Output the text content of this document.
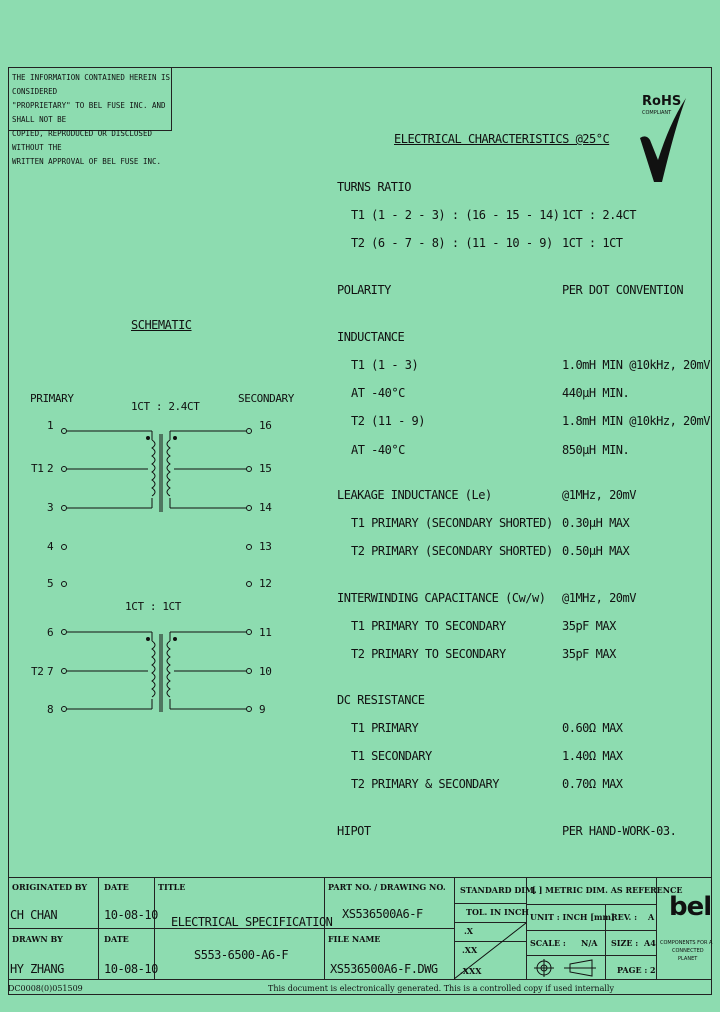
THE INFORMATION CONTAINED HEREIN IS CONSIDERED
"PROPRIETARY" TO BEL FUSE INC. AND SHALL NOT BE
COPIED, REPRODUCED OR DISCLOSED WITHOUT THE
WRITTEN APPROVAL OF BEL FUSE INC.
RoHS
COMPLIANT
ELECTRICAL CHARACTERISTICS @25°C
TURNS RATIO
T1 (1 - 2 - 3) : (16 - 15 - 14) 1CT : 2.4CT
T2 (6 - 7 - 8) : (11 - 10 - 9) 1CT : 1CT
POLARITY	PER DOT CONVENTION
INDUCTANCE
T1 (1 - 3)	1.0mH MIN @10kHz, 20mV
AT -40°C	440µH MIN.
T2 (11 - 9)	1.8mH MIN @10kHz, 20mV
AT -40°C	850µH MIN.
LEAKAGE INDUCTANCE (Le)	@1MHz, 20mV
T1 PRIMARY (SECONDARY SHORTED) 0.30µH MAX
T2 PRIMARY (SECONDARY SHORTED) 0.50µH MAX
INTERWINDING CAPACITANCE (Cw/w) @1MHz, 20mV
T1 PRIMARY TO SECONDARY	35pF MAX
T2 PRIMARY TO SECONDARY	35pF MAX
DC RESISTANCE
T1 PRIMARY	0.60Ω MAX
T1 SECONDARY	1.40Ω MAX
T2 PRIMARY & SECONDARY	0.70Ω MAX
HIPOT	PER HAND-WORK-03.
SCHEMATIC
PRIMARY	SECONDARY
1CT : 2.4CT
1CT : 1CT
T1
T2
1
2
3
4
5
6
7
8
16
15
14
13
12
11
10
9
ORIGINATED BY DATE
CH CHAN	10-08-10
DRAWN BY	DATE
HY ZHANG	10-08-10
TITLE
ELECTRICAL SPECIFICATION
S553-6500-A6-F
PART NO. / DRAWING NO.
XS536500A6-F
FILE NAME
XS536500A6-F.DWG
STANDARD DIM.
TOL. IN INCH
.X
.XX
.XXX
[ ] METRIC DIM. AS REFERENCE
UNIT : INCH [mm]
REV. : A
SCALE : N/A SIZE : A4
PAGE : 2
bel
COMPONENTS FOR A
CONNECTED
PLANET
DC0008(0)051509	This document is electronically generated. This is a controlled copy if used internally
